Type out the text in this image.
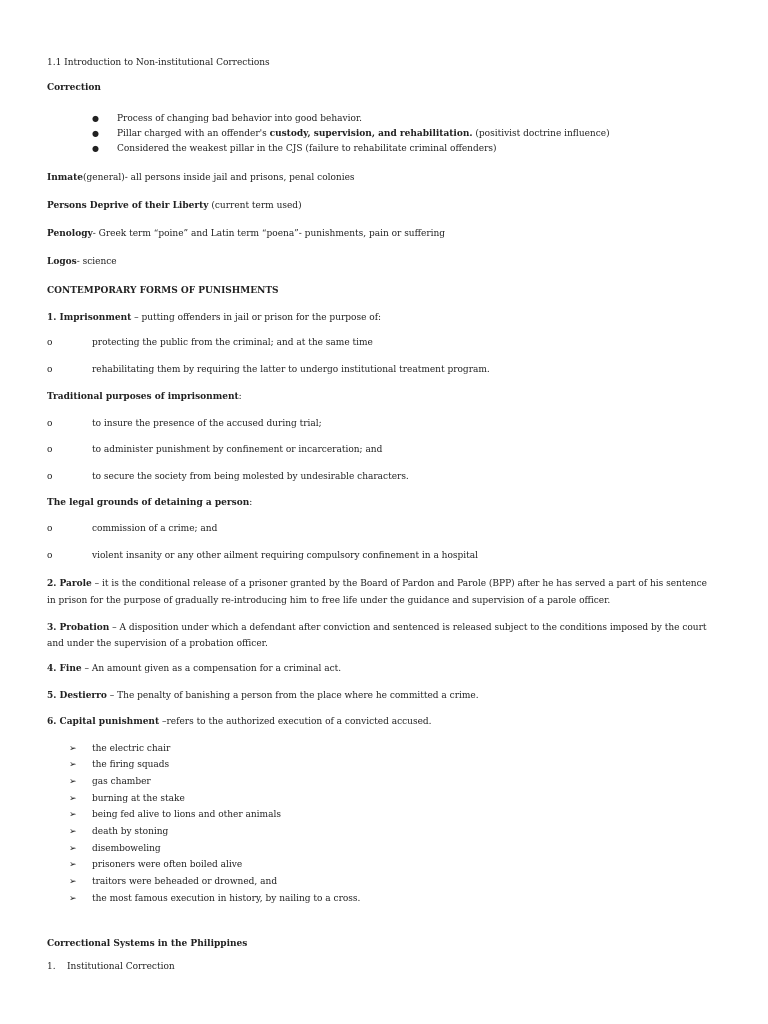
1.1 Introduction to Non-institutional Corrections
Correction
● Process of changing bad behavior into good behavior.
● Pillar charged with an offender's custody, supervision, and rehabilitation. (positivist doctrine influence)
● Considered the weakest pillar in the CJS (failure to rehabilitate criminal offenders)
Inmate(general)- all persons inside jail and prisons, penal colonies
Persons Deprive of their Liberty (current term used)
Penology- Greek term “poine” and Latin term “poena”- punishments, pain or suffering
Logos- science
CONTEMPORARY FORMS OF PUNISHMENTS
1. Imprisonment – putting offenders in jail or prison for the purpose of:
o	protecting the public from the criminal; and at the same time
o	rehabilitating them by requiring the latter to undergo institutional treatment program.
Traditional purposes of imprisonment:
o	to insure the presence of the accused during trial;
o	to administer punishment by confinement or incarceration; and
o	to secure the society from being molested by undesirable characters.
The legal grounds of detaining a person:
o	commission of a crime; and
o	violent insanity or any other ailment requiring compulsory confinement in a hospital
2. Parole – it is the conditional release of a prisoner granted by the Board of Pardon and Parole (BPP) after he has served a part of his sentence in prison for the purpose of gradually re-introducing him to free life under the guidance and supervision of a parole officer.
3. Probation – A disposition under which a defendant after conviction and sentenced is released subject to the conditions imposed by the court and under the supervision of a probation officer.
4. Fine – An amount given as a compensation for a criminal act.
5. Destierro – The penalty of banishing a person from the place where he committed a crime.
6. Capital punishment –refers to the authorized execution of a convicted accused.
➢ the electric chair
➢ the firing squads
➢ gas chamber
➢ burning at the stake
➢ being fed alive to lions and other animals
➢ death by stoning
➢ disemboweling
➢ prisoners were often boiled alive
➢ traitors were beheaded or drowned, and
➢ the most famous execution in history, by nailing to a cross.
Correctional Systems in the Philippines
1. Institutional Correction
